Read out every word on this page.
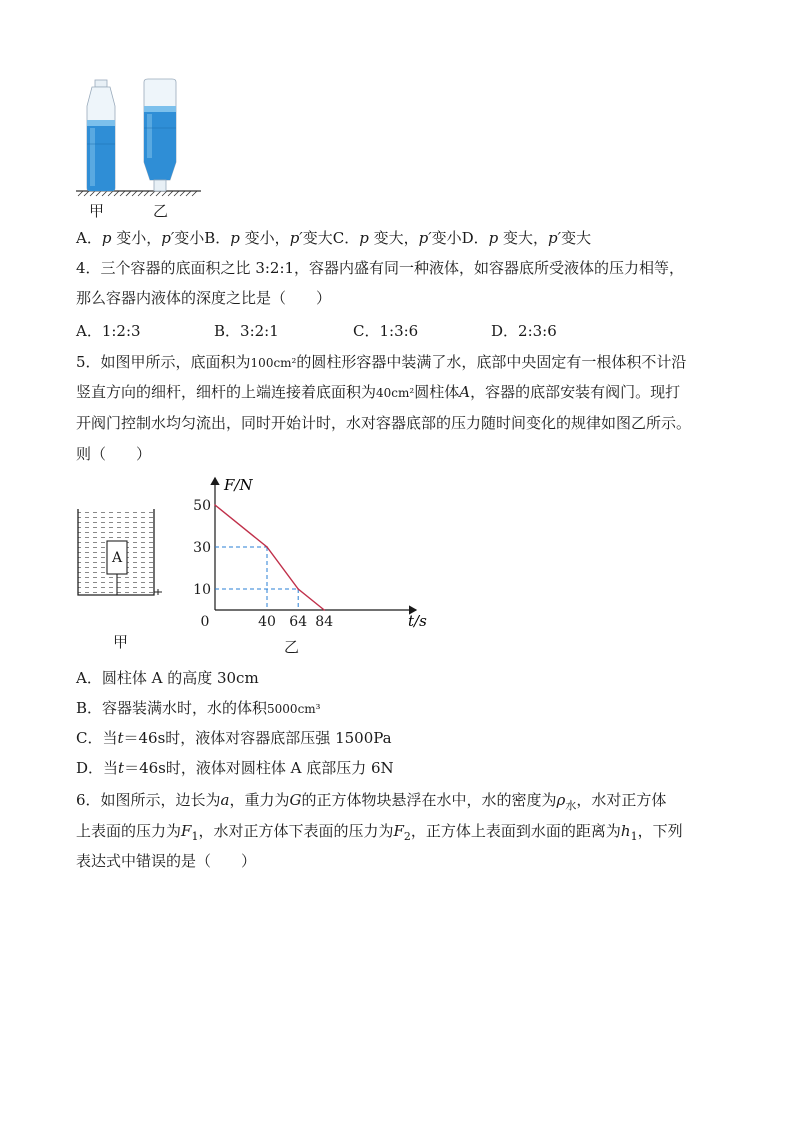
甲	乙
A．p 变小，p′变小B．p 变小，p′变大C．p 变大，p′变小D．p 变大，p′变大
4．三个容器的底面积之比 3:2:1，容器内盛有同一种液体，如容器底所受液体的压力相等，
那么容器内液体的深度之比是（　　）
A．1:2:3	B．3:2:1	C．1:3:6	D．2:3:6
5．如图甲所示，底面积为100cm²的圆柱形容器中装满了水，底部中央固定有一根体积不计沿
竖直方向的细杆，细杆的上端连接着底面积为40cm²圆柱体A，容器的底部安装有阀门。现打
开阀门控制水均匀流出，同时开始计时，水对容器底部的压力随时间变化的规律如图乙所示。
则（　　）
A
甲
F/N
t/s
50
30
10
0	40 64 84
乙
A．圆柱体 A 的高度 30cm
B．容器装满水时，水的体积5000cm³
C．当t＝46s时，液体对容器底部压强 1500Pa
D．当t＝46s时，液体对圆柱体 A 底部压力 6N
6．如图所示，边长为a，重力为G的正方体物块悬浮在水中，水的密度为$\rho_水$，水对正方体
上表面的压力为$F_1$，水对正方体下表面的压力为$F_2$，正方体上表面到水面的距离为$h_1$，下列
表达式中错误的是（　　）
